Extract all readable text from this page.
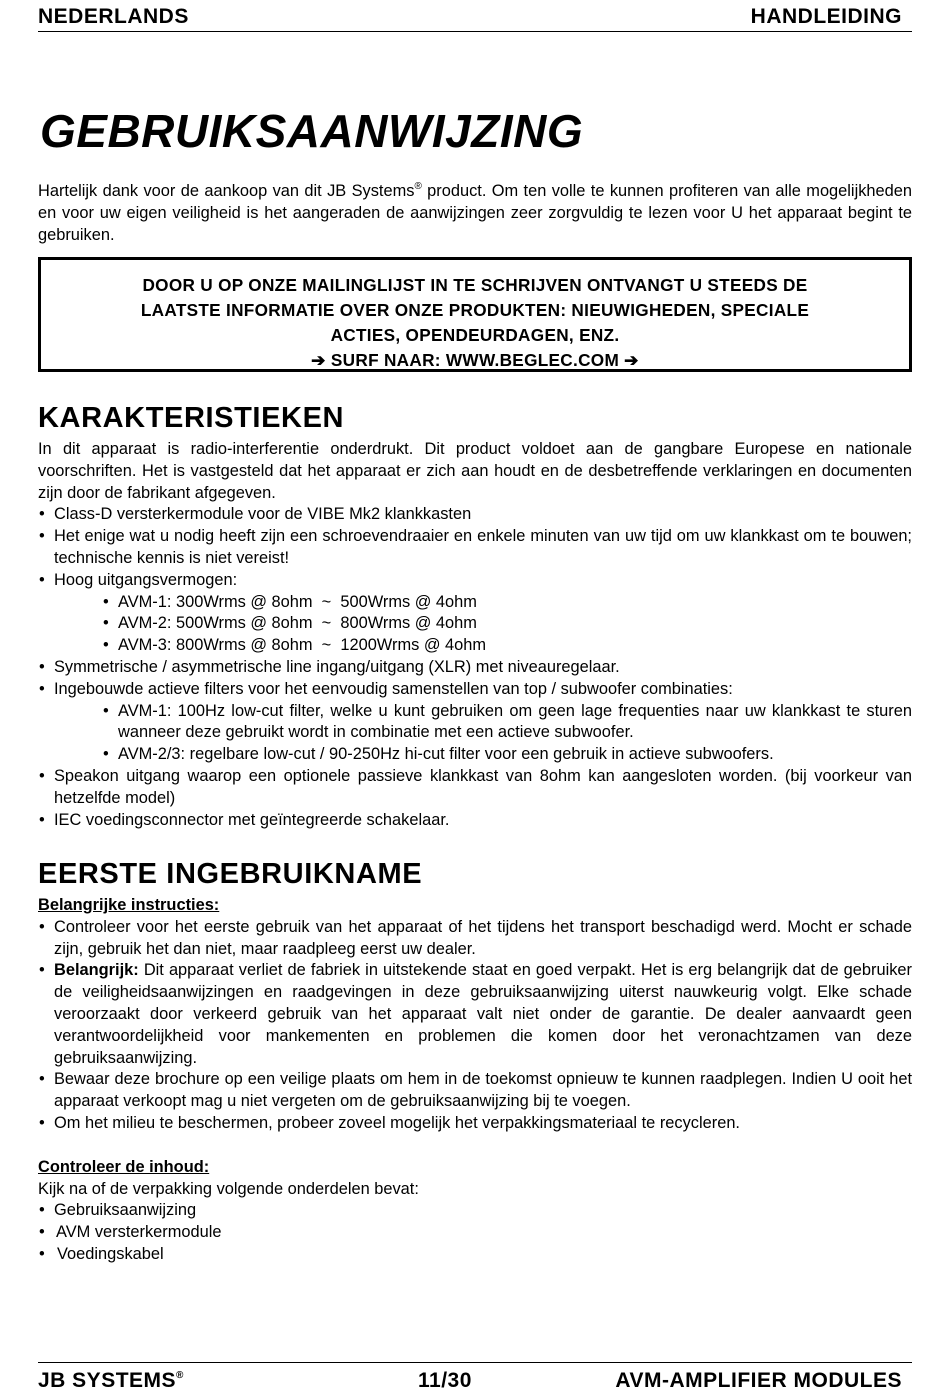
NEDERLANDS	HANDLEIDING
GEBRUIKSAANWIJZING

Hartelijk dank voor de aankoop van dit JB Systems® product. Om ten volle te kunnen profiteren van alle mogelijkheden en voor uw eigen veiligheid is het aangeraden de aanwijzingen zeer zorgvuldig te lezen voor U het apparaat begint te gebruiken.

DOOR U OP ONZE MAILINGLIJST IN TE SCHRIJVEN ONTVANGT U STEEDS DE
LAATSTE INFORMATIE OVER ONZE PRODUKTEN: NIEUWIGHEDEN, SPECIALE
ACTIES, OPENDEURDAGEN, ENZ.
➔ SURF NAAR: WWW.BEGLEC.COM ➔
KARAKTERISTIEKEN

In dit apparaat is radio-interferentie onderdrukt. Dit product voldoet aan de gangbare Europese en nationale voorschriften. Het is vastgesteld dat het apparaat er zich aan houdt en de desbetreffende verklaringen en documenten zijn door de fabrikant afgegeven.

• Class-D versterkermodule voor de VIBE Mk2 klankkasten
• Het enige wat u nodig heeft zijn een schroevendraaier en enkele minuten van uw tijd om uw klankkast om te bouwen; technische kennis is niet vereist!
• Hoog uitgangsvermogen:
• AVM-1: 300Wrms @ 8ohm  ~  500Wrms @ 4ohm
• AVM-2: 500Wrms @ 8ohm  ~  800Wrms @ 4ohm
• AVM-3: 800Wrms @ 8ohm  ~  1200Wrms @ 4ohm
• Symmetrische / asymmetrische line ingang/uitgang (XLR) met niveauregelaar.
• Ingebouwde actieve filters voor het eenvoudig samenstellen van top / subwoofer combinaties:
• AVM-1: 100Hz low-cut filter, welke u kunt gebruiken om geen lage frequenties naar uw klankkast te sturen wanneer deze gebruikt wordt in combinatie met een actieve subwoofer.
• AVM-2/3: regelbare low-cut / 90-250Hz hi-cut filter voor een gebruik in actieve subwoofers.
• Speakon uitgang waarop een optionele passieve klankkast van 8ohm kan aangesloten worden. (bij voorkeur van hetzelfde model)
• IEC voedingsconnector met geïntegreerde schakelaar.
EERSTE INGEBRUIKNAME

Belangrijke instructies:

• Controleer voor het eerste gebruik van het apparaat of het tijdens het transport beschadigd werd. Mocht er schade zijn, gebruik het dan niet, maar raadpleeg eerst uw dealer.
• Belangrijk: Dit apparaat verliet de fabriek in uitstekende staat en goed verpakt. Het is erg belangrijk dat de gebruiker de veiligheidsaanwijzingen en raadgevingen in deze gebruiksaanwijzing uiterst nauwkeurig volgt. Elke schade veroorzaakt door verkeerd gebruik van het apparaat valt niet onder de garantie. De dealer aanvaardt geen verantwoordelijkheid voor mankementen en problemen die komen door het veronachtzamen van deze gebruiksaanwijzing.
• Bewaar deze brochure op een veilige plaats om hem in de toekomst opnieuw te kunnen raadplegen. Indien U ooit het apparaat verkoopt mag u niet vergeten om de gebruiksaanwijzing bij te voegen.
• Om het milieu te beschermen, probeer zoveel mogelijk het verpakkingsmateriaal te recycleren.

Controleer de inhoud:

Kijk na of de verpakking volgende onderdelen bevat:

• Gebruiksaanwijzing
• AVM versterkermodule
• Voedingskabel
JB SYSTEMS®	11/30	AVM-AMPLIFIER MODULES
